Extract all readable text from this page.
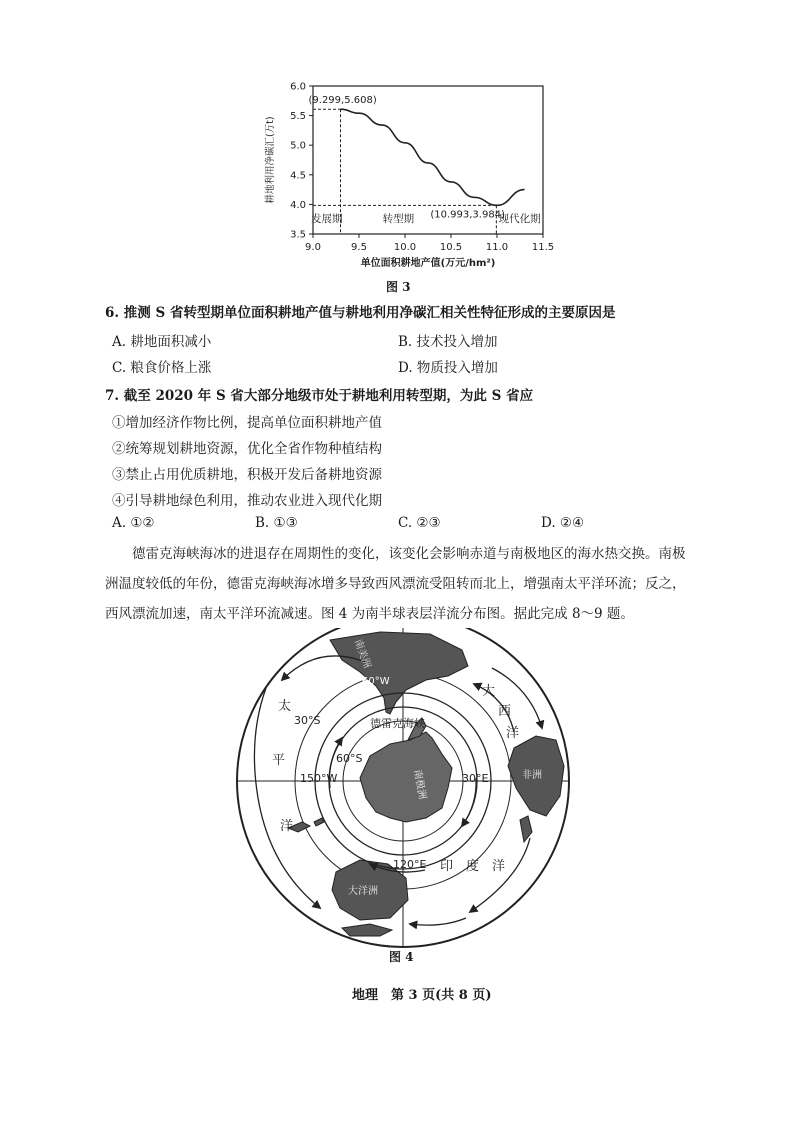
9.0	9.5	10.0 10.5 11.0 11.5
3.5
4.0
4.5
5.0
5.5
6.0
单位面积耕地产值(万元/hm²)
耕地利用净碳汇(万t)
(9.299,5.608)
(10.993,3.984)
发展期	转型期	现代化期
图 3
6. 推测 S 省转型期单位面积耕地产值与耕地利用净碳汇相关性特征形成的主要原因是
A. 耕地面积减小	B. 技术投入增加
C. 粮食价格上涨	D. 物质投入增加
7. 截至 2020 年 S 省大部分地级市处于耕地利用转型期，为此 S 省应
①增加经济作物比例，提高单位面积耕地产值
②统筹规划耕地资源，优化全省作物种植结构
③禁止占用优质耕地，积极开发后备耕地资源
④引导耕地绿色利用，推动农业进入现代化期
A. ①②	B. ①③	C. ②③	D. ②④
德雷克海峡海冰的进退存在周期性的变化，该变化会影响赤道与南极地区的海水热交换。南极洲温度较低的年份，德雷克海峡海冰增多导致西风漂流受阻转而北上，增强南太平洋环流；反之，西风漂流加速，南太平洋环流减速。图 4 为南半球表层洋流分布图。据此完成 8～9 题。
南美洲
60°W
非洲
南极洲
大洋洲
德雷克海峡
150°W	30°E
120°E
30°S
60°S
太
平
洋
大
西
洋
印　度　洋
图 4
地理　第 3 页(共 8 页)
